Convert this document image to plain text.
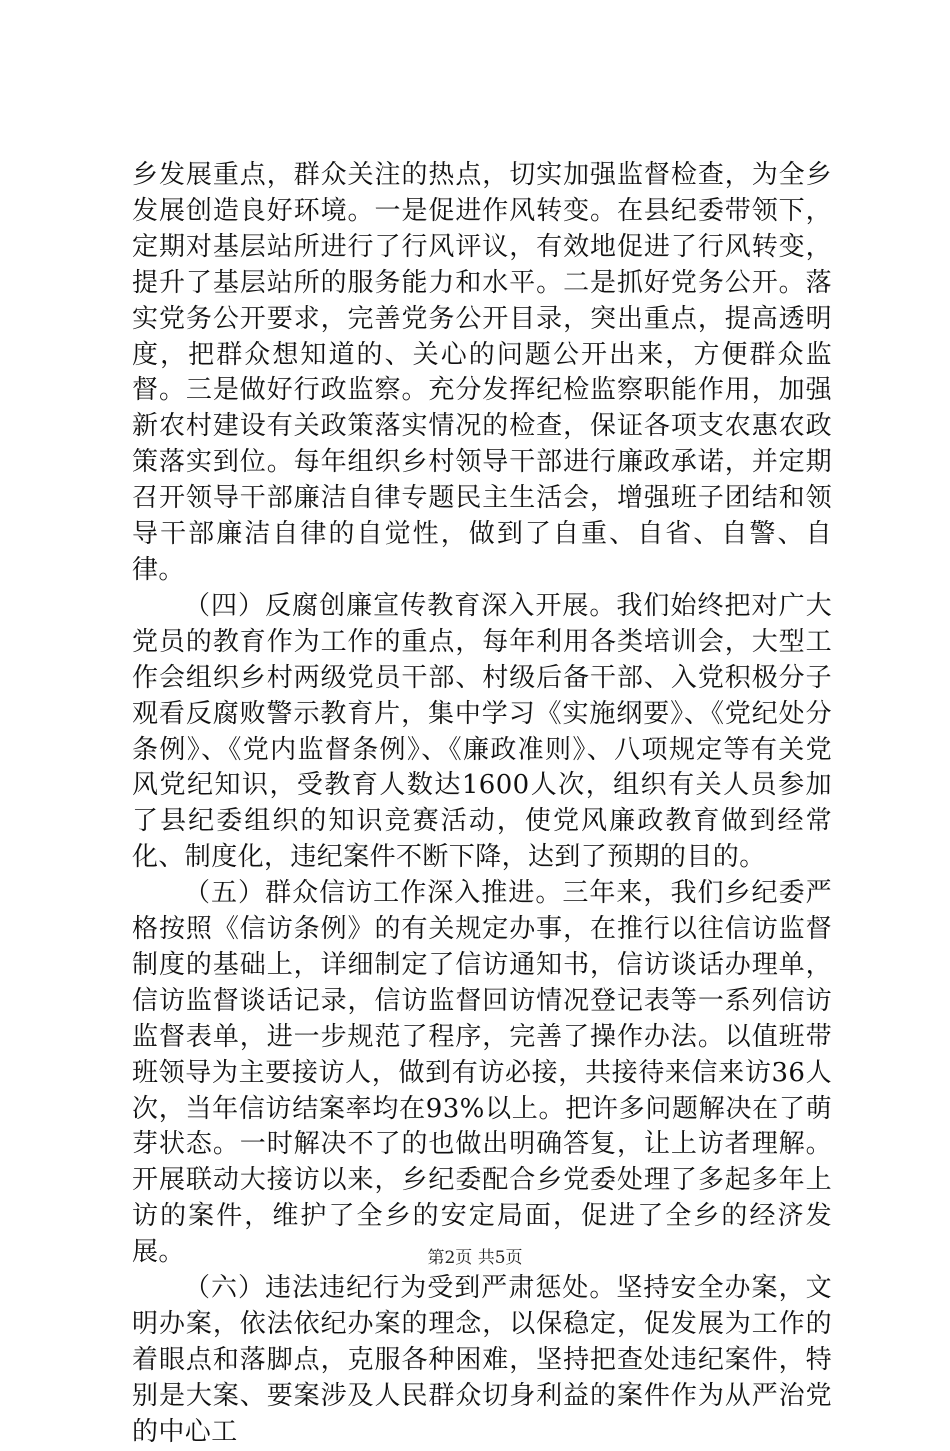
乡发展重点，群众关注的热点，切实加强监督检查，为全乡发展创造良好环境。一是促进作风转变。在县纪委带领下，定期对基层站所进行了行风评议，有效地促进了行风转变，提升了基层站所的服务能力和水平。二是抓好党务公开。落实党务公开要求，完善党务公开目录，突出重点，提高透明度，把群众想知道的、关心的问题公开出来，方便群众监督。三是做好行政监察。充分发挥纪检监察职能作用，加强新农村建设有关政策落实情况的检查，保证各项支农惠农政策落实到位。每年组织乡村领导干部进行廉政承诺，并定期召开领导干部廉洁自律专题民主生活会，增强班子团结和领导干部廉洁自律的自觉性，做到了自重、自省、自警、自律。

（四）反腐创廉宣传教育深入开展。我们始终把对广大党员的教育作为工作的重点，每年利用各类培训会，大型工作会组织乡村两级党员干部、村级后备干部、入党积极分子观看反腐败警示教育片，集中学习《实施纲要》、《党纪处分条例》、《党内监督条例》、《廉政准则》、八项规定等有关党风党纪知识，受教育人数达1600人次，组织有关人员参加了县纪委组织的知识竞赛活动，使党风廉政教育做到经常化、制度化，违纪案件不断下降，达到了预期的目的。

（五）群众信访工作深入推进。三年来，我们乡纪委严格按照《信访条例》的有关规定办事，在推行以往信访监督制度的基础上，详细制定了信访通知书，信访谈话办理单，信访监督谈话记录，信访监督回访情况登记表等一系列信访监督表单，进一步规范了程序，完善了操作办法。以值班带班领导为主要接访人，做到有访必接，共接待来信来访36人次，当年信访结案率均在93%以上。把许多问题解决在了萌芽状态。一时解决不了的也做出明确答复，让上访者理解。开展联动大接访以来，乡纪委配合乡党委处理了多起多年上访的案件，维护了全乡的安定局面，促进了全乡的经济发展。

（六）违法违纪行为受到严肃惩处。坚持安全办案，文明办案，依法依纪办案的理念，以保稳定，促发展为工作的着眼点和落脚点，克服各种困难，坚持把查处违纪案件，特别是大案、要案涉及人民群众切身利益的案件作为从严治党的中心工

第2页 共5页
